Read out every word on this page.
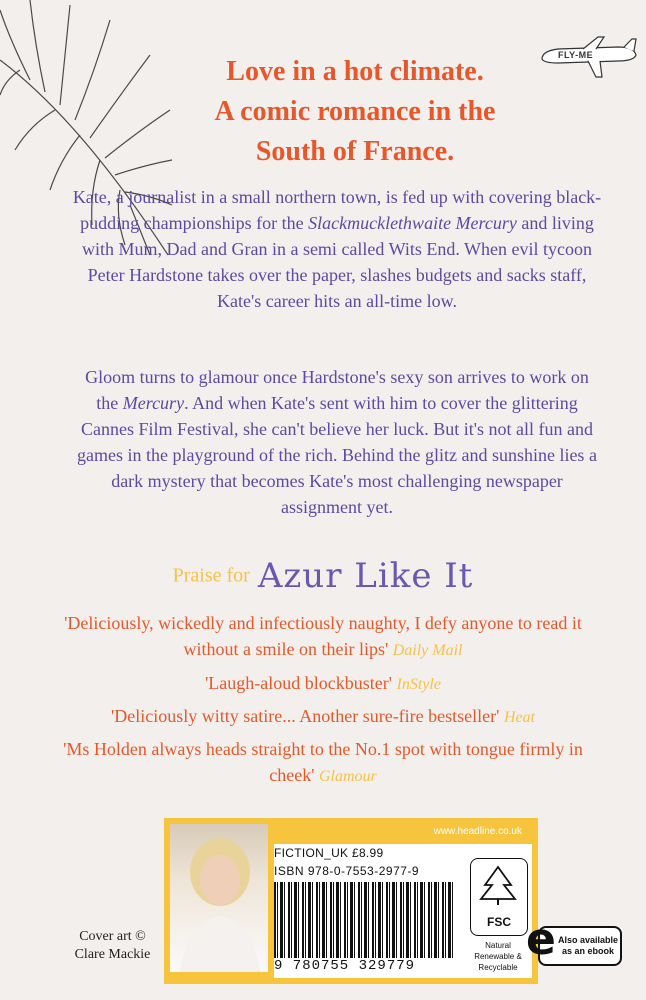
FLY-ME
Love in a hot climate.
A comic romance in the
South of France.
Kate, a journalist in a small northern town, is fed up with covering black-pudding championships for the Slackmucklethwaite Mercury and living with Mum, Dad and Gran in a semi called Wits End. When evil tycoon Peter Hardstone takes over the paper, slashes budgets and sacks staff, Kate's career hits an all-time low.
Gloom turns to glamour once Hardstone's sexy son arrives to work on the Mercury. And when Kate's sent with him to cover the glittering Cannes Film Festival, she can't believe her luck. But it's not all fun and games in the playground of the rich. Behind the glitz and sunshine lies a dark mystery that becomes Kate's most challenging newspaper assignment yet.
Praise for Azur Like It
'Deliciously, wickedly and infectiously naughty, I defy anyone to read it without a smile on their lips' Daily Mail
'Laugh-aloud blockbuster' InStyle
'Deliciously witty satire... Another sure-fire bestseller' Heat
'Ms Holden always heads straight to the No.1 spot with tongue firmly in cheek' Glamour
Cover art © Clare Mackie
www.headline.co.uk
FICTION_UK £8.99
ISBN 978-0-7553-2977-9
9 780755 329779
FSC
Natural Renewable & Recyclable
e Also available as an ebook
